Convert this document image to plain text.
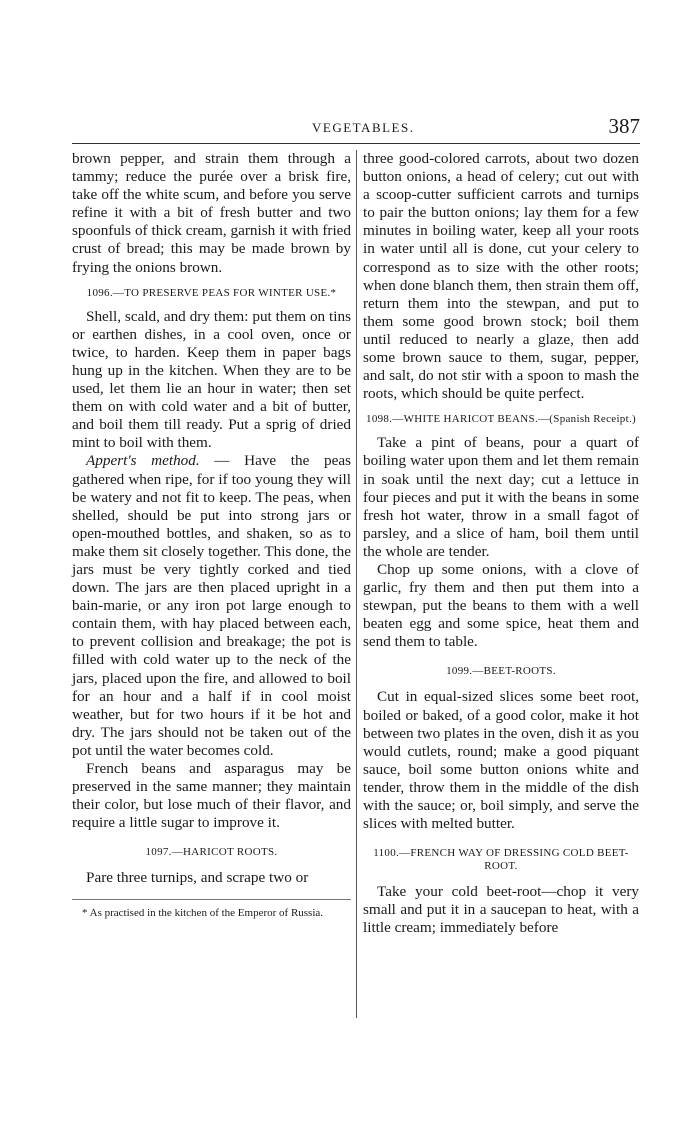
VEGETABLES.	387

brown pepper, and strain them through a tammy; reduce the purée over a brisk fire, take off the white scum, and before you serve refine it with a bit of fresh butter and two spoonfuls of thick cream, garnish it with fried crust of bread; this may be made brown by frying the onions brown.

1096.—TO PRESERVE PEAS FOR WINTER USE.*

Shell, scald, and dry them: put them on tins or earthen dishes, in a cool oven, once or twice, to harden. Keep them in paper bags hung up in the kitchen. When they are to be used, let them lie an hour in water; then set them on with cold water and a bit of butter, and boil them till ready. Put a sprig of dried mint to boil with them.

Appert's method. — Have the peas gathered when ripe, for if too young they will be watery and not fit to keep. The peas, when shelled, should be put into strong jars or open-mouthed bottles, and shaken, so as to make them sit closely together. This done, the jars must be very tightly corked and tied down. The jars are then placed upright in a bain-marie, or any iron pot large enough to contain them, with hay placed between each, to prevent collision and breakage; the pot is filled with cold water up to the neck of the jars, placed upon the fire, and allowed to boil for an hour and a half if in cool moist weather, but for two hours if it be hot and dry. The jars should not be taken out of the pot until the water becomes cold.

French beans and asparagus may be preserved in the same manner; they maintain their color, but lose much of their flavor, and require a little sugar to improve it.

1097.—HARICOT ROOTS.

Pare three turnips, and scrape two or

* As practised in the kitchen of the Emperor of Russia.

three good-colored carrots, about two dozen button onions, a head of celery; cut out with a scoop-cutter sufficient carrots and turnips to pair the button onions; lay them for a few minutes in boiling water, keep all your roots in water until all is done, cut your celery to correspond as to size with the other roots; when done blanch them, then strain them off, return them into the stewpan, and put to them some good brown stock; boil them until reduced to nearly a glaze, then add some brown sauce to them, sugar, pepper, and salt, do not stir with a spoon to mash the roots, which should be quite perfect.

1098.—WHITE HARICOT BEANS.—(Spanish Receipt.)

Take a pint of beans, pour a quart of boiling water upon them and let them remain in soak until the next day; cut a lettuce in four pieces and put it with the beans in some fresh hot water, throw in a small fagot of parsley, and a slice of ham, boil them until the whole are tender.

Chop up some onions, with a clove of garlic, fry them and then put them into a stewpan, put the beans to them with a well beaten egg and some spice, heat them and send them to table.

1099.—BEET-ROOTS.

Cut in equal-sized slices some beet root, boiled or baked, of a good color, make it hot between two plates in the oven, dish it as you would cutlets, round; make a good piquant sauce, boil some button onions white and tender, throw them in the middle of the dish with the sauce; or, boil simply, and serve the slices with melted butter.

1100.—FRENCH WAY OF DRESSING COLD BEET-ROOT.

Take your cold beet-root—chop it very small and put it in a saucepan to heat, with a little cream; immediately before
